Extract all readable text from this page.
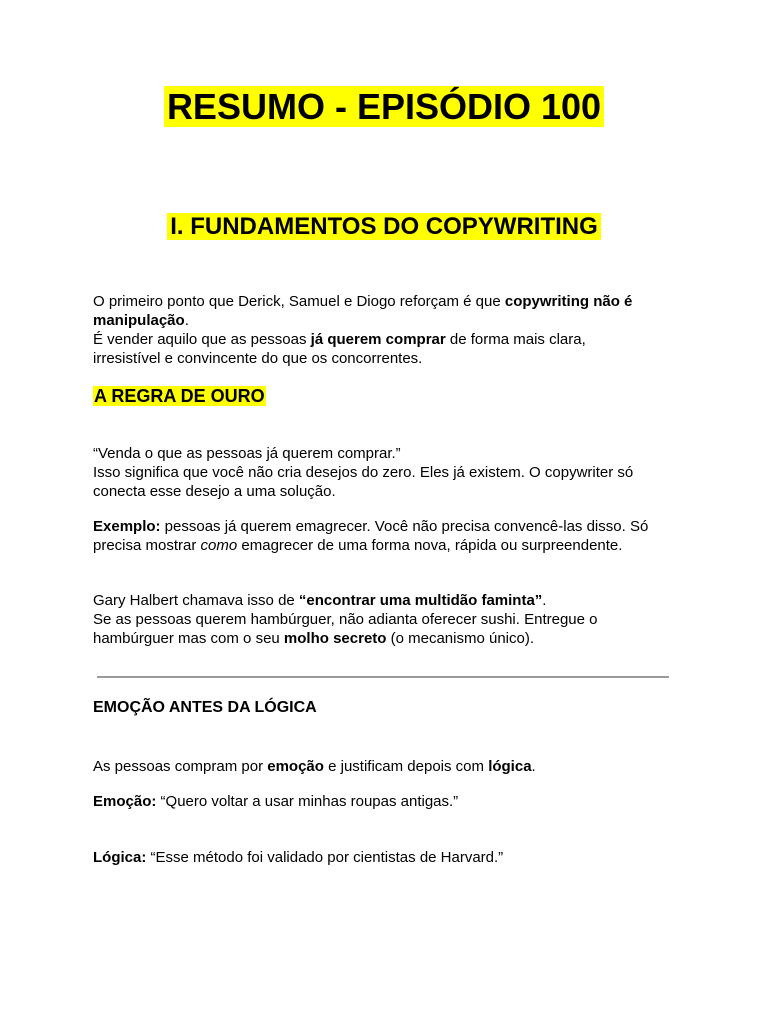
RESUMO - EPISÓDIO 100
I. FUNDAMENTOS DO COPYWRITING
O primeiro ponto que Derick, Samuel e Diogo reforçam é que copywriting não é
manipulação.
É vender aquilo que as pessoas já querem comprar de forma mais clara,
irresistível e convincente do que os concorrentes.
A REGRA DE OURO
“Venda o que as pessoas já querem comprar.”
Isso significa que você não cria desejos do zero. Eles já existem. O copywriter só
conecta esse desejo a uma solução.
Exemplo: pessoas já querem emagrecer. Você não precisa convencê-las disso. Só
precisa mostrar como emagrecer de uma forma nova, rápida ou surpreendente.
Gary Halbert chamava isso de “encontrar uma multidão faminta”.
Se as pessoas querem hambúrguer, não adianta oferecer sushi. Entregue o
hambúrguer mas com o seu molho secreto (o mecanismo único).
EMOÇÃO ANTES DA LÓGICA
As pessoas compram por emoção e justificam depois com lógica.
Emoção: “Quero voltar a usar minhas roupas antigas.”
Lógica: “Esse método foi validado por cientistas de Harvard.”
